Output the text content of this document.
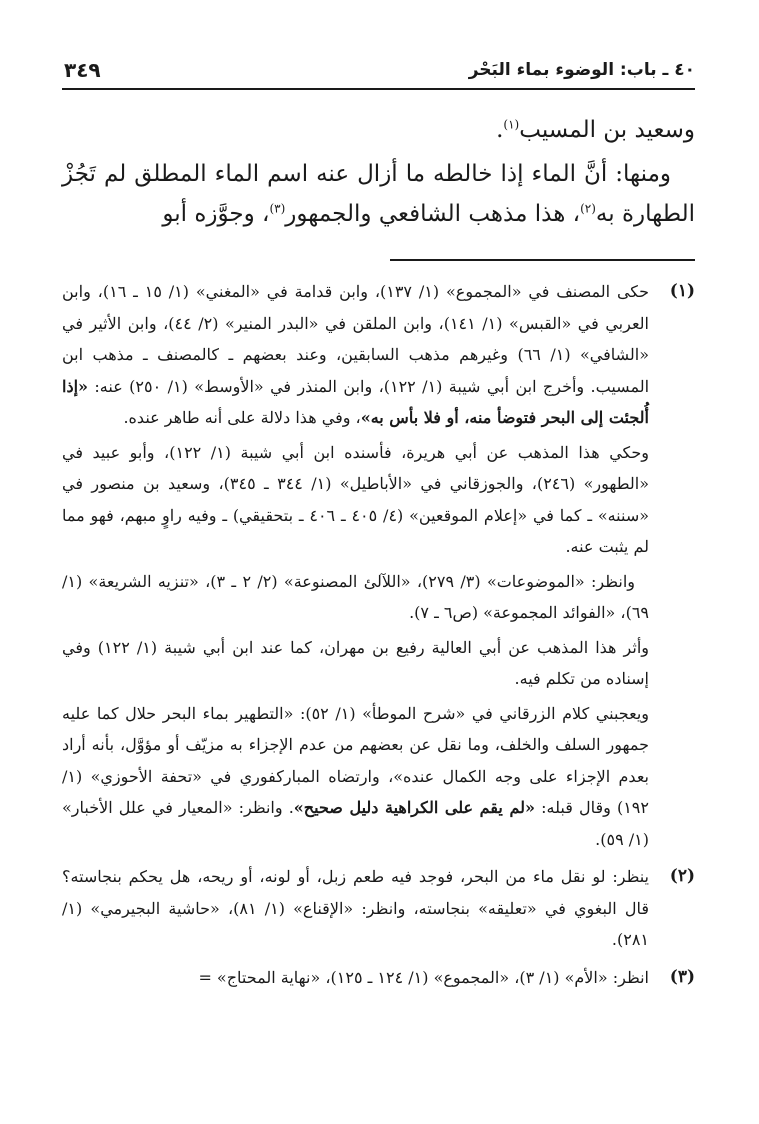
٤٠ ـ باب: الوضوء بماء البَحْر
٣٤٩

وسعيد بن المسيب$^{(١)}$.

ومنها: أنَّ الماء إذا خالطه ما أزال عنه اسم الماء المطلق لم تَجُزْ الطهارة به$^{(٢)}$، هذا مذهب الشافعي والجمهور$^{(٣)}$، وجوَّزه أبو

(١)

حكى المصنف في «المجموع» (١/ ١٣٧)، وابن قدامة في «المغني» (١/ ١٥ ـ ١٦)، وابن العربي في «القبس» (١/ ١٤١)، وابن الملقن في «البدر المنير» (٢/ ٤٤)، وابن الأثير في «الشافي» (١/ ٦٦) وغيرهم مذهب السابقين، وعند بعضهم ـ كالمصنف ـ مذهب ابن المسيب. وأخرج ابن أبي شيبة (١/ ١٢٢)، وابن المنذر في «الأوسط» (١/ ٢٥٠) عنه: «إذا أُلجئت إلى البحر فتوضأ منه، أو فلا بأس به»، وفي هذا دلالة على أنه طاهر عنده.

وحكي هذا المذهب عن أبي هريرة، فأسنده ابن أبي شيبة (١/ ١٢٢)، وأبو عبيد في «الطهور» (٢٤٦)، والجوزقاني في «الأباطيل» (١/ ٣٤٤ ـ ٣٤٥)، وسعيد بن منصور في «سننه» ـ كما في «إعلام الموقعين» (٤/ ٤٠٥ ـ ٤٠٦ ـ بتحقيقي) ـ وفيه راوٍ مبهم، فهو مما لم يثبت عنه.

وانظر: «الموضوعات» (٣/ ٢٧٩)، «اللآلئ المصنوعة» (٢/ ٢ ـ ٣)، «تنزيه الشريعة» (١/ ٦٩)، «الفوائد المجموعة» (ص٦ ـ ٧).

وأثر هذا المذهب عن أبي العالية رفيع بن مهران، كما عند ابن أبي شيبة (١/ ١٢٢) وفي إسناده من تكلم فيه.

ويعجبني كلام الزرقاني في «شرح الموطأ» (١/ ٥٢): «التطهير بماء البحر حلال كما عليه جمهور السلف والخلف، وما نقل عن بعضهم من عدم الإجزاء به مزيّف أو مؤوَّل، بأنه أراد بعدم الإجزاء على وجه الكمال عنده»، وارتضاه المباركفوري في «تحفة الأحوزي» (١/ ١٩٢) وقال قبله: «لم يقم على الكراهية دليل صحيح». وانظر: «المعيار في علل الأخبار» (١/ ٥٩).

(٢)

ينظر: لو نقل ماء من البحر، فوجد فيه طعم زبل، أو لونه، أو ريحه، هل يحكم بنجاسته؟ قال البغوي في «تعليقه» بنجاسته، وانظر: «الإقناع» (١/ ٨١)، «حاشية البجيرمي» (١/ ٢٨١).

(٣)

انظر: «الأم» (١/ ٣)، «المجموع» (١/ ١٢٤ ـ ١٢٥)، «نهاية المحتاج» =
